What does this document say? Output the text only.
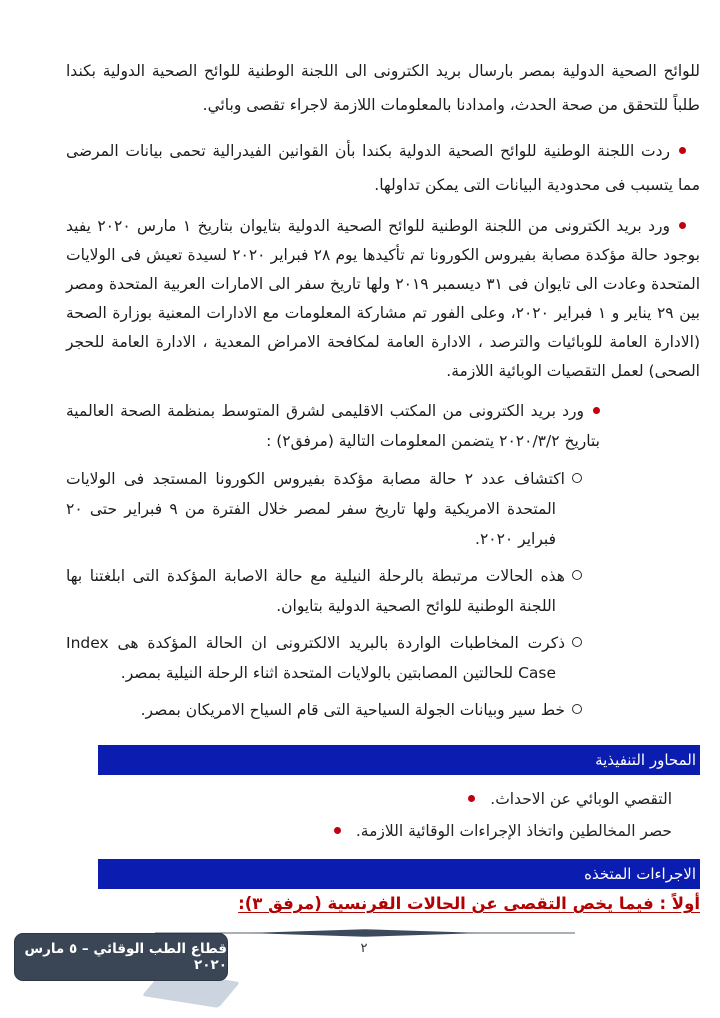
للوائح الصحية الدولية بمصر بارسال بريد الكترونى الى اللجنة الوطنية للوائح الصحية الدولية بكندا طلباً للتحقق من صحة الحدث، وامدادنا بالمعلومات اللازمة لاجراء تقصى وبائي.

ردت اللجنة الوطنية للوائح الصحية الدولية بكندا بأن القوانين الفيدرالية تحمى بيانات المرضى مما يتسبب فى محدودية البيانات التى يمكن تداولها.
ورد بريد الكترونى من اللجنة الوطنية للوائح الصحية الدولية بتايوان بتاريخ ١ مارس ٢٠٢٠ يفيد بوجود حالة مؤكدة مصابة بفيروس الكورونا تم تأكيدها يوم ٢٨ فبراير ٢٠٢٠ لسيدة تعيش فى الولايات المتحدة وعادت الى تايوان فى ٣١ ديسمبر ٢٠١٩ ولها تاريخ سفر الى الامارات العربية المتحدة ومصر بين ٢٩ يناير و ١ فبراير ٢٠٢٠، وعلى الفور تم مشاركة المعلومات مع الادارات المعنية بوزارة الصحة (الادارة العامة للوبائيات والترصد ، الادارة العامة لمكافحة الامراض المعدية ، الادارة العامة للحجر الصحى) لعمل التقصيات الوبائية اللازمة.
ورد بريد الكترونى من المكتب الاقليمى لشرق المتوسط بمنظمة الصحة العالمية بتاريخ ٢٠٢٠/٣/٢ يتضمن المعلومات التالية (مرفق٢) :
اكتشاف عدد ٢ حالة مصابة مؤكدة بفيروس الكورونا المستجد فى الولايات المتحدة الامريكية ولها تاريخ سفر لمصر خلال الفترة من ٩ فبراير حتى ٢٠ فبراير ٢٠٢٠.
هذه الحالات مرتبطة بالرحلة النيلية مع حالة الاصابة المؤكدة التى ابلغتنا بها اللجنة الوطنية للوائح الصحية الدولية بتايوان.
ذكرت المخاطبات الواردة بالبريد الالكترونى ان الحالة المؤكدة هى Index Case للحالتين المصابتين بالولايات المتحدة اثناء الرحلة النيلية بمصر.
خط سير وبيانات الجولة السياحية التى قام السياح الامريكان بمصر.
المحاور التنفيذية
التقصي الوبائي عن الاحداث.
حصر المخالطين واتخاذ الإجراءات الوقائية اللازمة.
الاجراءات المتخذه
أولاً : فيما يخص التقصى عن الحالات الفرنسية (مرفق ٣):
٢
قطاع الطب الوقائي – ٥ مارس ٢٠٢٠
